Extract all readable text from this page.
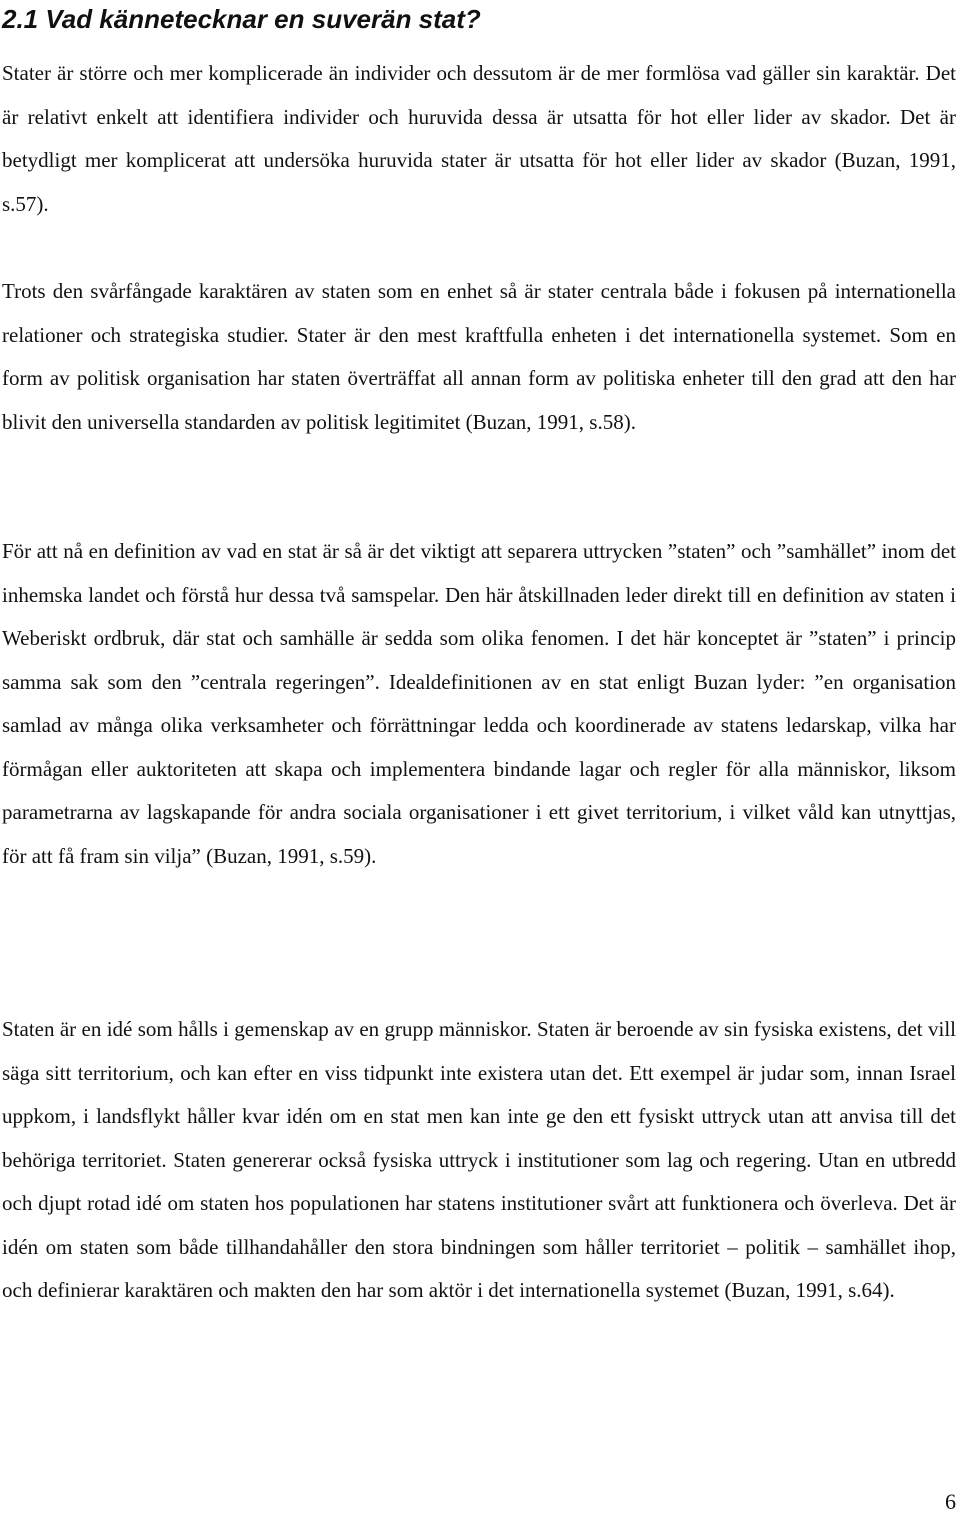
2.1 Vad kännetecknar en suverän stat?

Stater är större och mer komplicerade än individer och dessutom är de mer formlösa vad gäller sin karaktär. Det är relativt enkelt att identifiera individer och huruvida dessa är utsatta för hot eller lider av skador. Det är betydligt mer komplicerat att undersöka huruvida stater är utsatta för hot eller lider av skador (Buzan, 1991, s.57).

Trots den svårfångade karaktären av staten som en enhet så är stater centrala både i fokusen på internationella relationer och strategiska studier. Stater är den mest kraftfulla enheten i det internationella systemet. Som en form av politisk organisation har staten överträffat all annan form av politiska enheter till den grad att den har blivit den universella standarden av politisk legitimitet (Buzan, 1991, s.58).

För att nå en definition av vad en stat är så är det viktigt att separera uttrycken ”staten” och ”samhället” inom det inhemska landet och förstå hur dessa två samspelar. Den här åtskillnaden leder direkt till en definition av staten i Weberiskt ordbruk, där stat och samhälle är sedda som olika fenomen. I det här konceptet är ”staten” i princip samma sak som den ”centrala regeringen”. Idealdefinitionen av en stat enligt Buzan lyder: ”en organisation samlad av många olika verksamheter och förrättningar ledda och koordinerade av statens ledarskap, vilka har förmågan eller auktoriteten att skapa och implementera bindande lagar och regler för alla människor, liksom parametrarna av lagskapande för andra sociala organisationer i ett givet territorium, i vilket våld kan utnyttjas, för att få fram sin vilja” (Buzan, 1991, s.59).

Staten är en idé som hålls i gemenskap av en grupp människor. Staten är beroende av sin fysiska existens, det vill säga sitt territorium, och kan efter en viss tidpunkt inte existera utan det. Ett exempel är judar som, innan Israel uppkom, i landsflykt håller kvar idén om en stat men kan inte ge den ett fysiskt uttryck utan att anvisa till det behöriga territoriet. Staten genererar också fysiska uttryck i institutioner som lag och regering. Utan en utbredd och djupt rotad idé om staten hos populationen har statens institutioner svårt att funktionera och överleva. Det är idén om staten som både tillhandahåller den stora bindningen som håller territoriet – politik – samhället ihop, och definierar karaktären och makten den har som aktör i det internationella systemet (Buzan, 1991, s.64).

6
